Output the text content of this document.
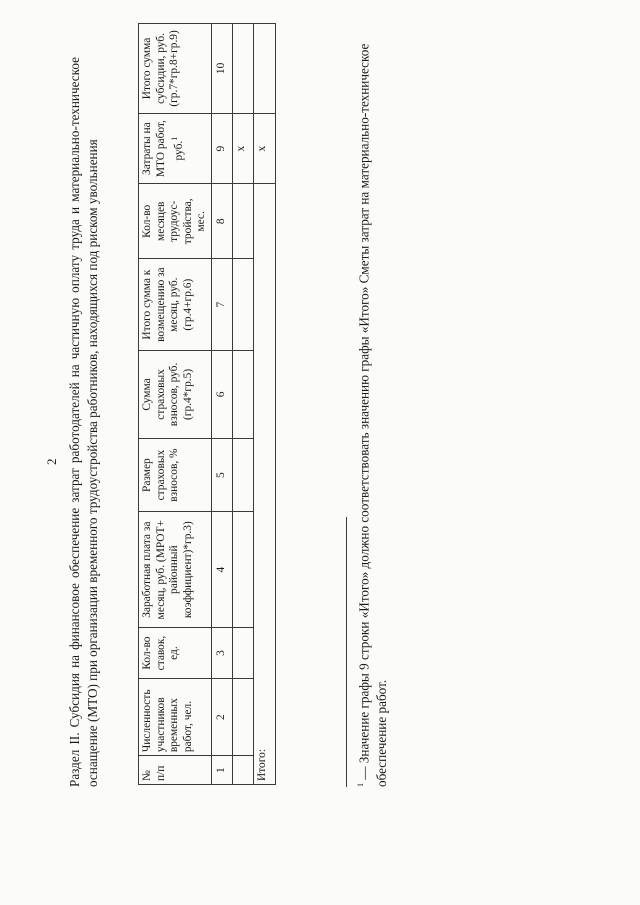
2 Раздел II. Субсидия на финансовое обеспечение затрат работодателей на частичную оплату труда и материально-техническое оснащение (МТО) при организации временного трудоустройства работников, находящихся под риском увольнения	№ п/п	Численность участников временных работ, чел.	Кол-во ставок, ед.	Заработная плата за месяц, руб. (МРОТ+ районный коэффициент)*гр.3)	Размер страховых взносов, %	Сумма страховых взносов, руб. (гр.4*гр.5)	Итого сумма к возмещению за месяц, руб. (гр.4+гр.6)	Кол-во месяцев трудоус-тройства, мес.	Затраты на МТО работ, руб.$^1$	Итого сумма субсидии, руб. (гр.7*гр.8+гр.9)
1	2	3	4	5	6	7	8	9	10
								х	
Итого:								х	
$^1$ — Значение графы 9 строки «Итого» должно соответствовать значению графы «Итого» Сметы затрат на материально-техническое обеспечение работ.
